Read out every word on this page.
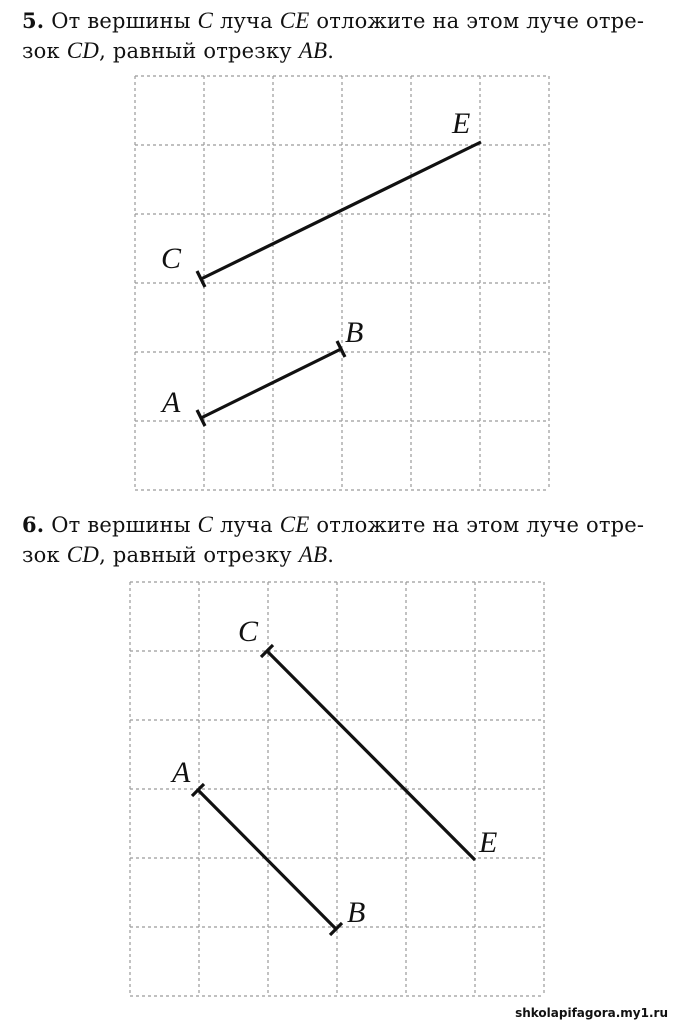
5. От вершины C луча CE отложите на этом луче отре-
зок CD, равный отрезку AB.

C
E
B
A

6. От вершины C луча CE отложите на этом луче отре-
зок CD, равный отрезку AB.

C
E
A
B
shkolapifagora.my1.ru
